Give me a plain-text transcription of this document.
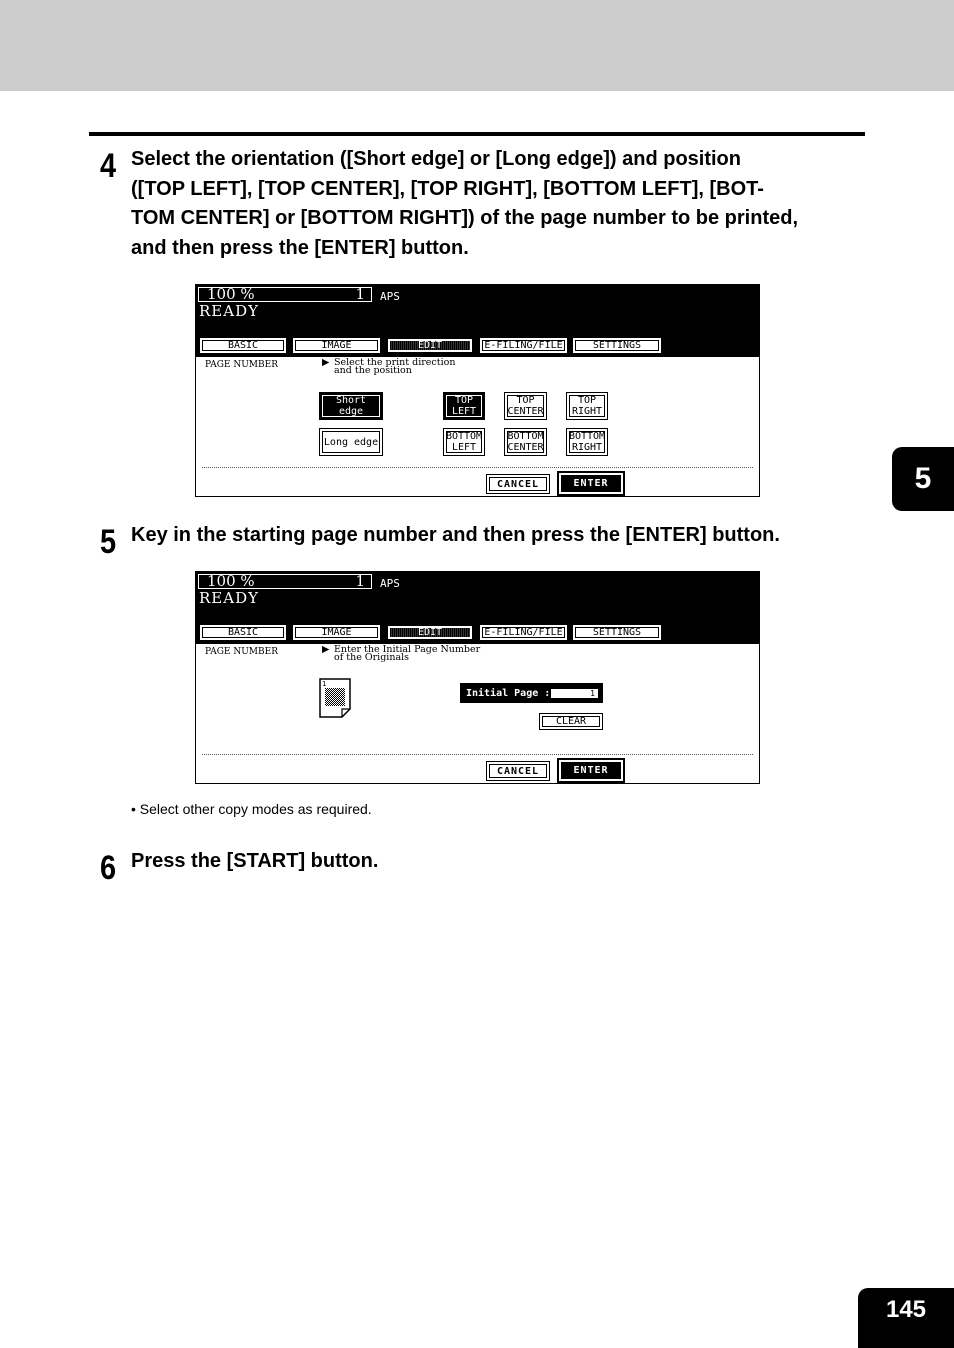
4 Select the orientation ([Short edge] or [Long edge]) and position
([TOP LEFT], [TOP CENTER], [TOP RIGHT], [BOTTOM LEFT], [BOT-
TOM CENTER] or [BOTTOM RIGHT]) of the page number to be printed,
and then press the [ENTER] button.
100 %	1 APS
READY
BASIC	IMAGE	EDIT	E-FILING/FILE	SETTINGS
PAGE NUMBER	▶ Select the print direction
and the position
Short edge
Long edge
TOP
LEFT
TOP
CENTER
TOP
RIGHT
BOTTOM
LEFT
BOTTOM
CENTER
BOTTOM
RIGHT
CANCEL	ENTER
5 Key in the starting page number and then press the [ENTER] button.
100 %	1 APS
READY
BASIC	IMAGE	EDIT	E-FILING/FILE	SETTINGS
PAGE NUMBER	▶ Enter the Initial Page Number
of the Originals
1
Initial Page :	1
CLEAR
CANCEL	ENTER
• Select other copy modes as required.
6 Press the [START] button.
5
145
